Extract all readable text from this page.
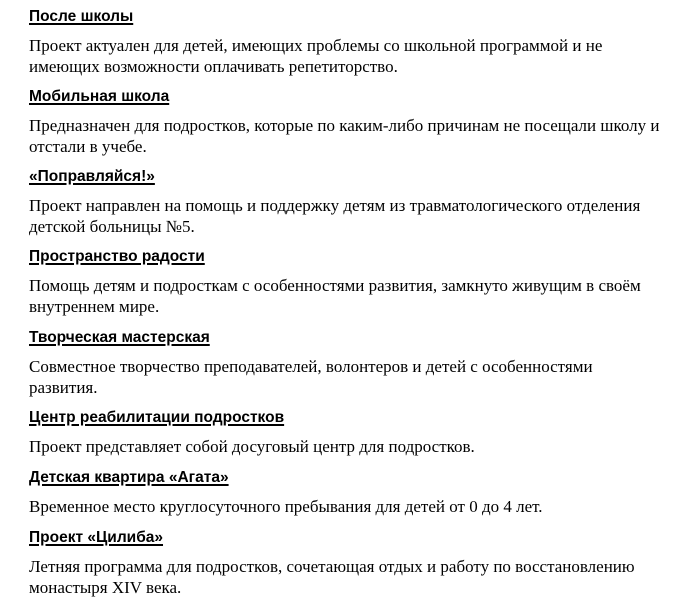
После школы

Проект актуален для детей, имеющих проблемы со школьной программой и не имеющих возможности оплачивать репетиторство.

Мобильная школа

Предназначен для подростков, которые по каким-либо причинам не посещали школу и отстали в учебе.

«Поправляйся!»

Проект направлен на помощь и поддержку детям из травматологического отделения детской больницы №5.

Пространство радости

Помощь детям и подросткам с особенностями развития, замкнуто живущим в своём внутреннем мире.

Творческая мастерская

Совместное творчество преподавателей, волонтеров и детей с особенностями развития.

Центр реабилитации подростков

Проект представляет собой досуговый центр для подростков.

Детская квартира «Агата»

Временное место круглосуточного пребывания для детей от 0 до 4 лет.

Проект «Цилиба»

Летняя программа для подростков, сочетающая отдых и работу по восстановлению монастыря XIV века.
